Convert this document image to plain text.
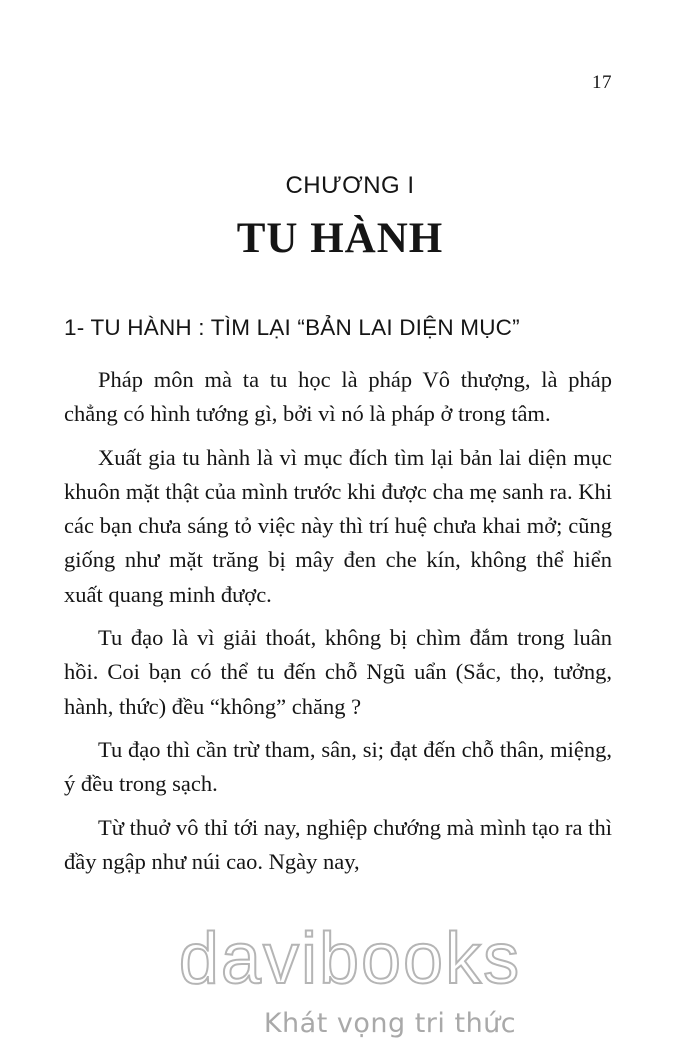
17
CHƯƠNG I
TU HÀNH
1- TU HÀNH : TÌM LẠI “BẢN LAI DIỆN MỤC”

Pháp môn mà ta tu học là pháp Vô thượng, là pháp chẳng có hình tướng gì, bởi vì nó là pháp ở trong tâm.

Xuất gia tu hành là vì mục đích tìm lại bản lai diện mục khuôn mặt thật của mình trước khi được cha mẹ sanh ra. Khi các bạn chưa sáng tỏ việc này thì trí huệ chưa khai mở; cũng giống như mặt trăng bị mây đen che kín, không thể hiển xuất quang minh được.

Tu đạo là vì giải thoát, không bị chìm đắm trong luân hồi. Coi bạn có thể tu đến chỗ Ngũ uẩn (Sắc, thọ, tưởng, hành, thức) đều “không” chăng ?

Tu đạo thì cần trừ tham, sân, si; đạt đến chỗ thân, miệng, ý đều trong sạch.

Từ thuở vô thỉ tới nay, nghiệp chướng mà mình tạo ra thì đầy ngập như núi cao. Ngày nay,

davibooks
Khát vọng tri thức
